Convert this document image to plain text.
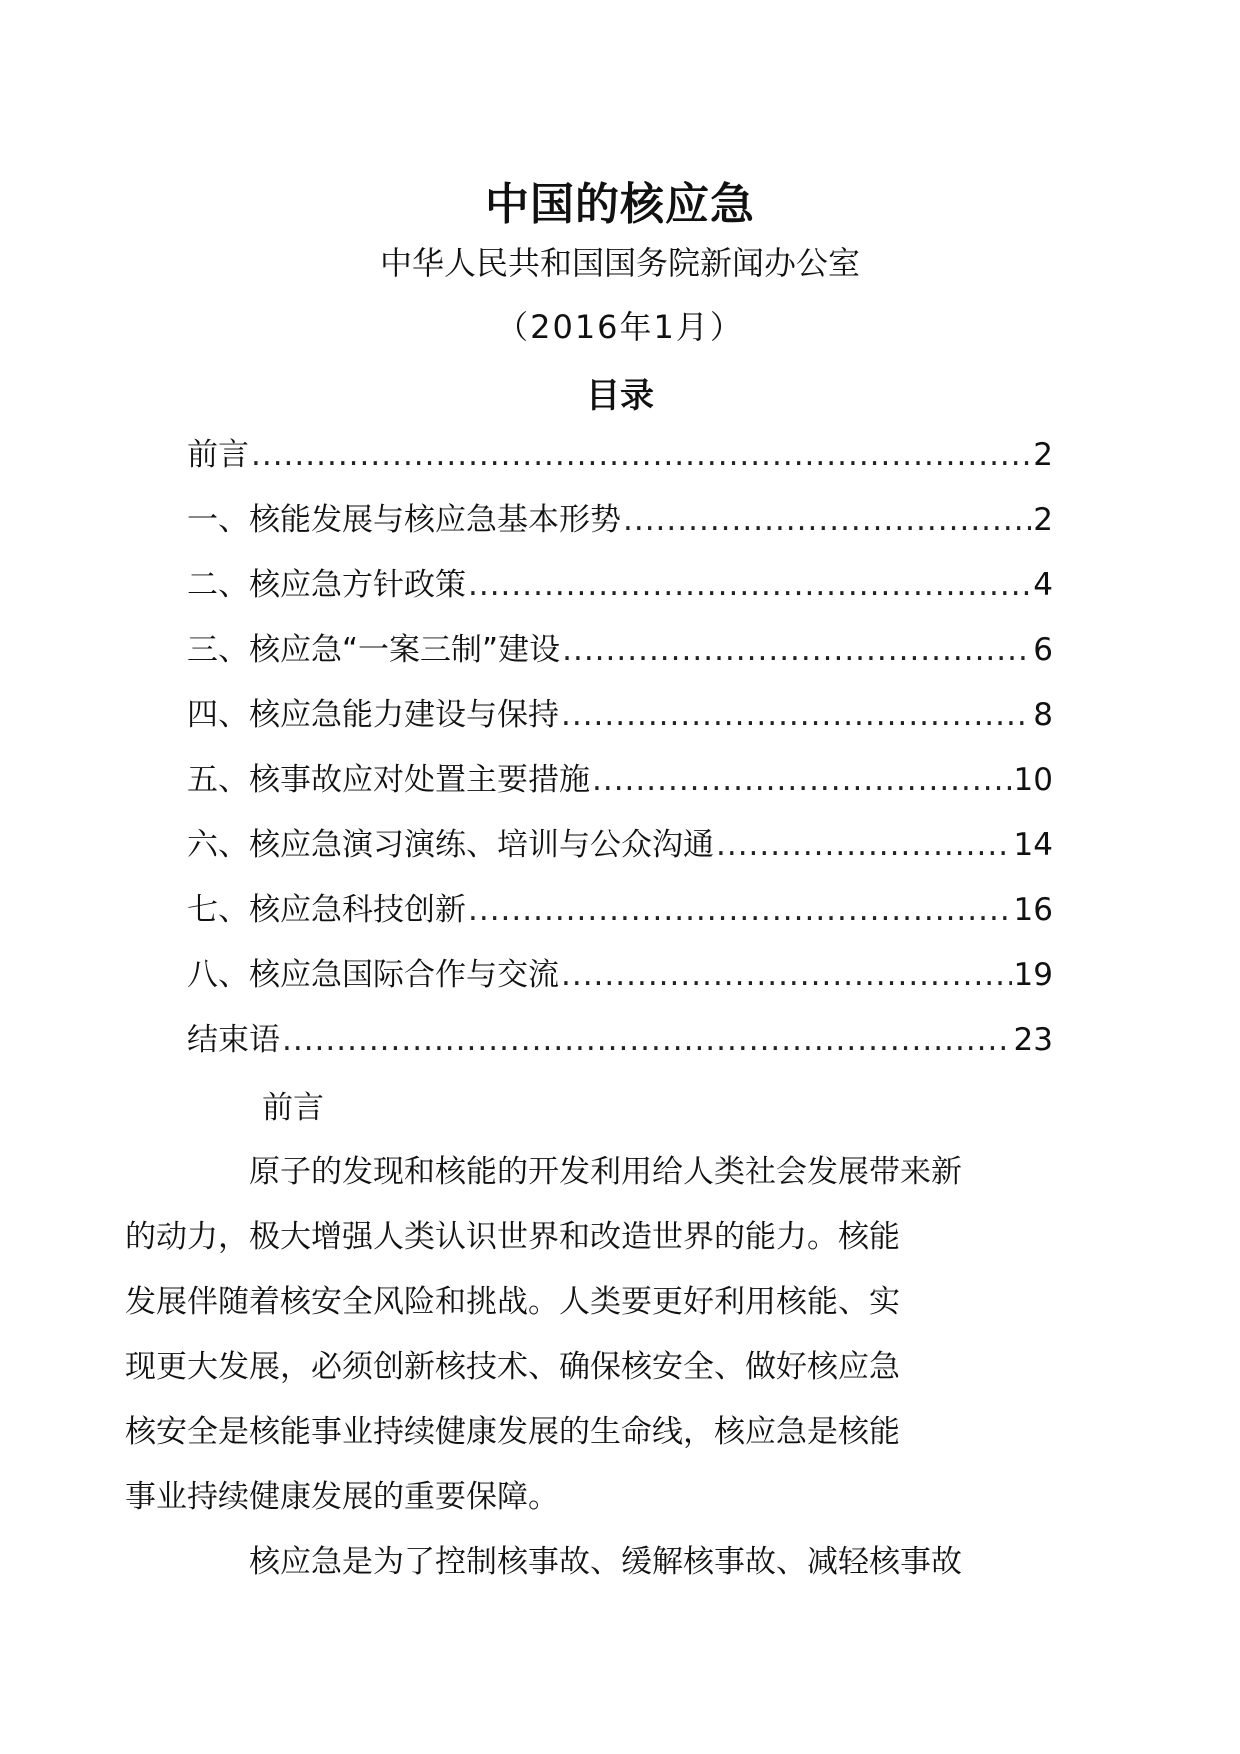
中国的核应急
中华人民共和国国务院新闻办公室
（2016年1月）
目录
前言 .....	2
一、核能发展与核应急基本形势 .....	2
二、核应急方针政策 .....	4
三、核应急“一案三制”建设 .....	6
四、核应急能力建设与保持 .....	8
五、核事故应对处置主要措施 .....	10
六、核应急演习演练、培训与公众沟通 .....	14
七、核应急科技创新 .....	16
八、核应急国际合作与交流 .....	19
结束语 .....	23
前言

原子的发现和核能的开发利用给人类社会发展带来新
的动力，极大增强人类认识世界和改造世界的能力。核能
发展伴随着核安全风险和挑战。人类要更好利用核能、实
现更大发展，必须创新核技术、确保核安全、做好核应急
核安全是核能事业持续健康发展的生命线，核应急是核能
事业持续健康发展的重要保障。

核应急是为了控制核事故、缓解核事故、减轻核事故
